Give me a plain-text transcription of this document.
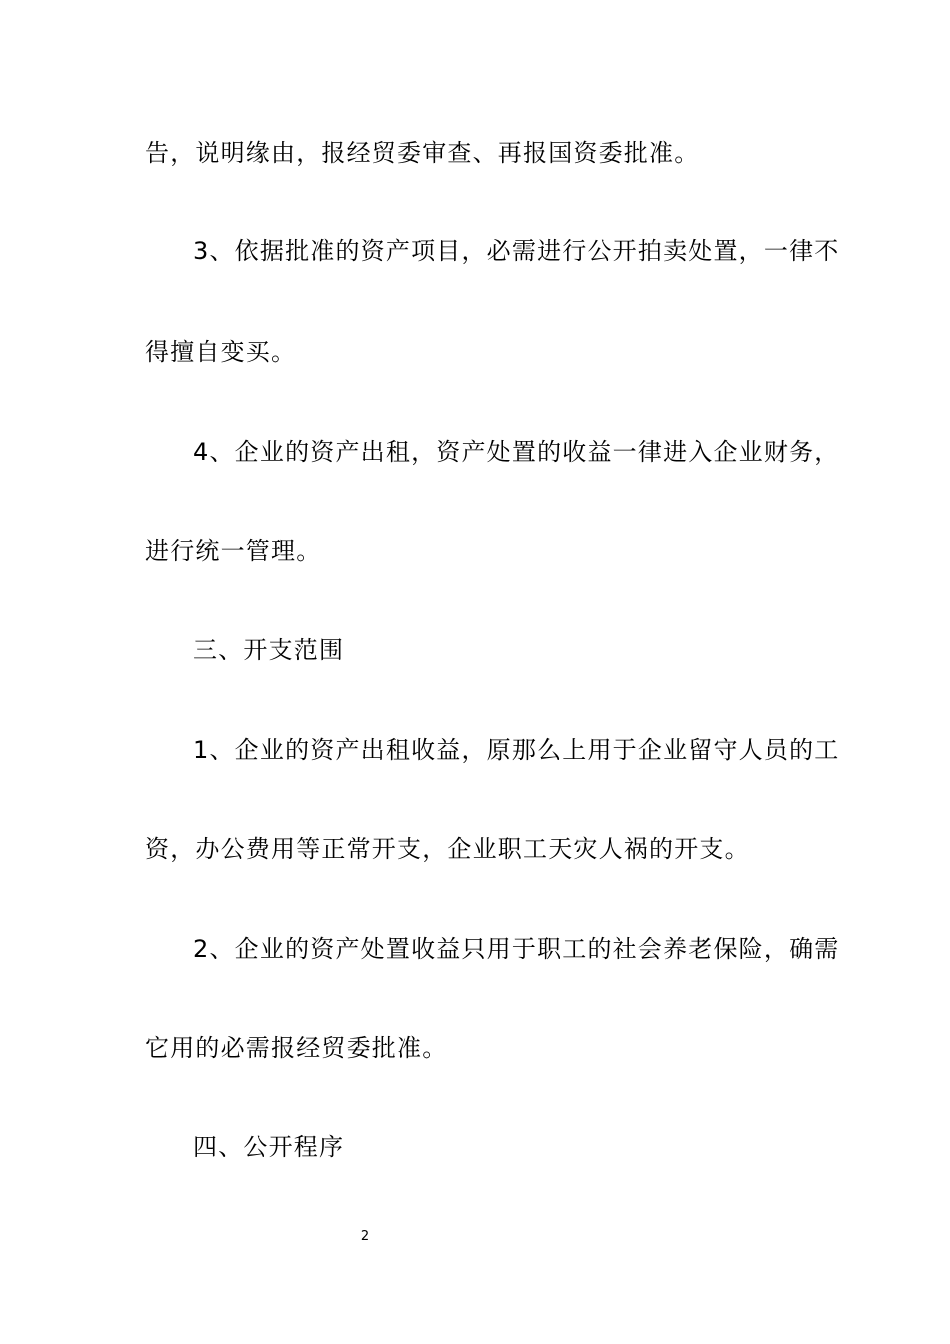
告，说明缘由，报经贸委审查、再报国资委批准。
3、依据批准的资产项目，必需进行公开拍卖处置，一律不
得擅自变买。
4、企业的资产出租，资产处置的收益一律进入企业财务，
进行统一管理。
三、开支范围
1、企业的资产出租收益，原那么上用于企业留守人员的工
资，办公费用等正常开支，企业职工天灾人祸的开支。
2、企业的资产处置收益只用于职工的社会养老保险，确需
它用的必需报经贸委批准。
四、公开程序
2
